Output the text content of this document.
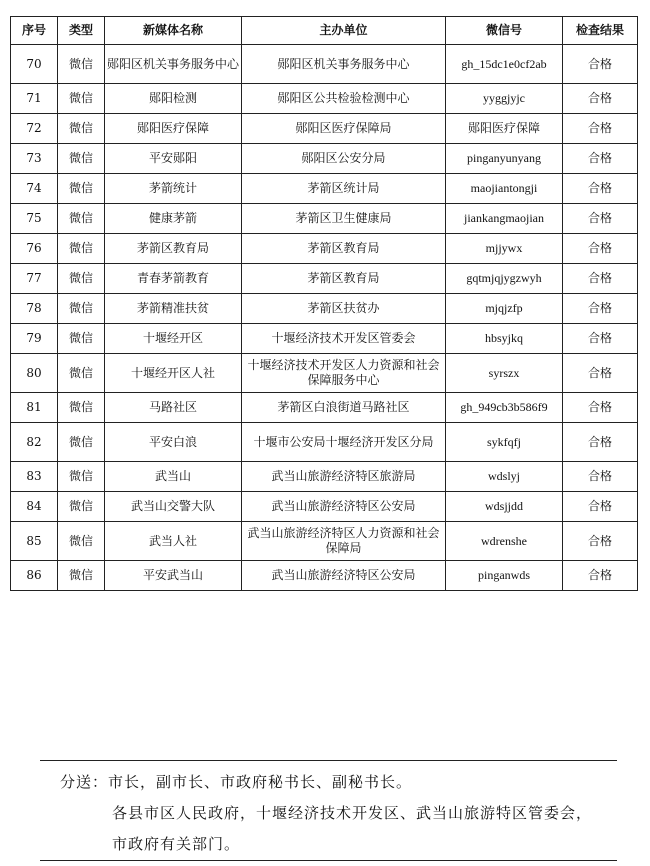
序号	类型	新媒体名称	主办单位	微信号	检查结果
70	微信	郧阳区机关事务服务中心	郧阳区机关事务服务中心	gh_15dc1e0cf2ab	合格
71	微信	郧阳检测	郧阳区公共检验检测中心	yyggjyjc	合格
72	微信	郧阳医疗保障	郧阳区医疗保障局	郧阳医疗保障	合格
73	微信	平安郧阳	郧阳区公安分局	pinganyunyang	合格
74	微信	茅箭统计	茅箭区统计局	maojiantongji	合格
75	微信	健康茅箭	茅箭区卫生健康局	jiankangmaojian	合格
76	微信	茅箭区教育局	茅箭区教育局	mjjywx	合格
77	微信	青春茅箭教育	茅箭区教育局	gqtmjqjygzwyh	合格
78	微信	茅箭精准扶贫	茅箭区扶贫办	mjqjzfp	合格
79	微信	十堰经开区	十堰经济技术开发区管委会	hbsyjkq	合格
80	微信	十堰经开区人社	十堰经济技术开发区人力资源和社会保障服务中心	syrszx	合格
81	微信	马路社区	茅箭区白浪街道马路社区	gh_949cb3b586f9	合格
82	微信	平安白浪	十堰市公安局十堰经济开发区分局	sykfqfj	合格
83	微信	武当山	武当山旅游经济特区旅游局	wdslyj	合格
84	微信	武当山交警大队	武当山旅游经济特区公安局	wdsjjdd	合格
85	微信	武当人社	武当山旅游经济特区人力资源和社会保障局	wdrenshe	合格
86	微信	平安武当山	武当山旅游经济特区公安局	pinganwds	合格
分送：市长，副市长、市政府秘书长、副秘书长。
各县市区人民政府，十堰经济技术开发区、武当山旅游特区管委会，
市政府有关部门。
